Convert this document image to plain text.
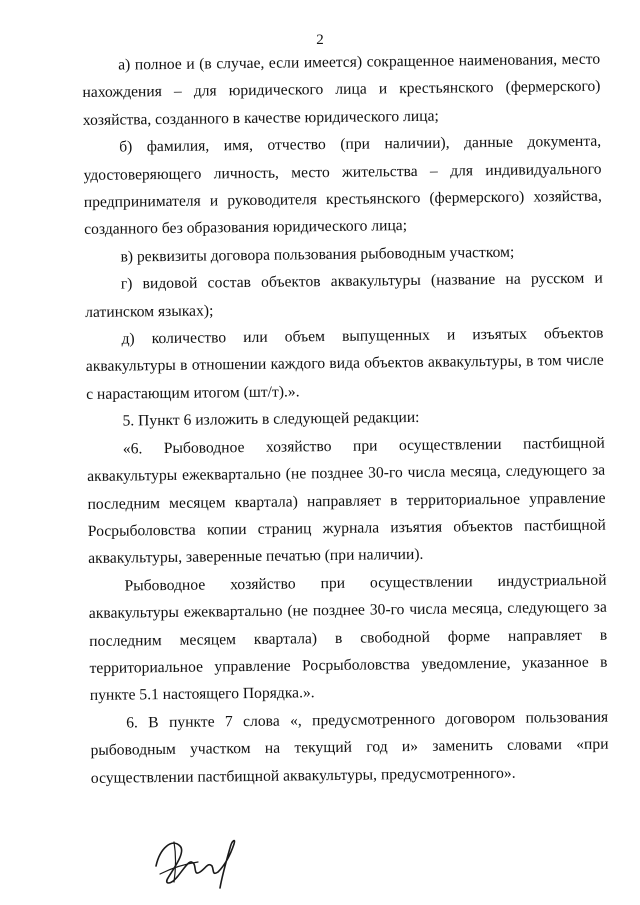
2

а) полное и (в случае, если имеется) сокращенное наименования, место нахождения – для юридического лица и крестьянского (фермерского) хозяйства, созданного в качестве юридического лица;

б) фамилия, имя, отчество (при наличии), данные документа, удостоверяющего личность, место жительства – для индивидуального предпринимателя и руководителя крестьянского (фермерского) хозяйства, созданного без образования юридического лица;

в) реквизиты договора пользования рыбоводным участком;

г) видовой состав объектов аквакультуры (название на русском и латинском языках);

д) количество или объем выпущенных и изъятых объектов аквакультуры в отношении каждого вида объектов аквакультуры, в том числе с нарастающим итогом (шт/т).».

5. Пункт 6 изложить в следующей редакции:

«6. Рыбоводное хозяйство при осуществлении пастбищной аквакультуры ежеквартально (не позднее 30-го числа месяца, следующего за последним месяцем квартала) направляет в территориальное управление Росрыболовства копии страниц журнала изъятия объектов пастбищной аквакультуры, заверенные печатью (при наличии).

Рыбоводное хозяйство при осуществлении индустриальной аквакультуры ежеквартально (не позднее 30-го числа месяца, следующего за последним месяцем квартала) в свободной форме направляет в территориальное управление Росрыболовства уведомление, указанное в пункте 5.1 настоящего Порядка.».

6. В пункте 7 слова «, предусмотренного договором пользования рыбоводным участком на текущий год и» заменить словами «при осуществлении пастбищной аквакультуры, предусмотренного».
